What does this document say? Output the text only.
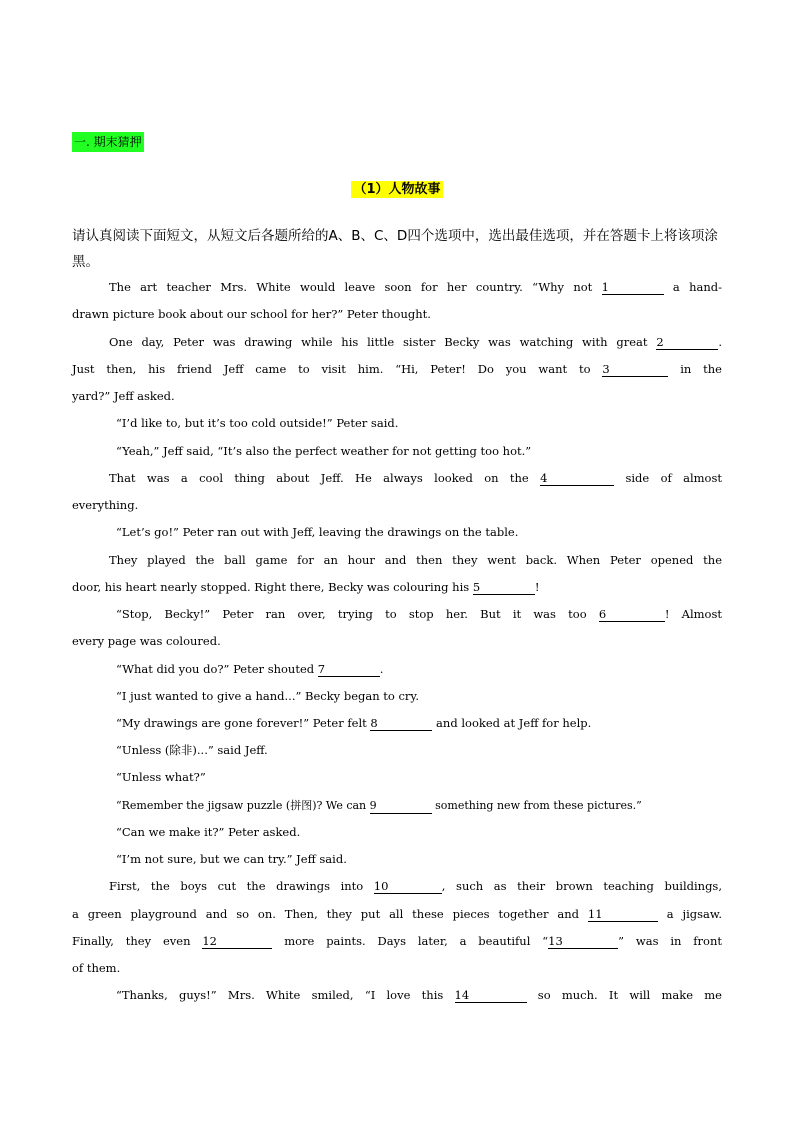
一. 期末猜押
（1）人物故事
请认真阅读下面短文，从短文后各题所给的A、B、C、D四个选项中，选出最佳选项，并在答题卡上将该项涂黑。
The art teacher Mrs. White would leave soon for her country. “Why not 1	a hand-
drawn picture book about our school for her?” Peter thought.
One day, Peter was drawing while his little sister Becky was watching with great 2	.
Just then, his friend Jeff came to visit him. “Hi, Peter! Do you want to 3	in the
yard?” Jeff asked.
“I’d like to, but it’s too cold outside!” Peter said.
“Yeah,” Jeff said, “It’s also the perfect weather for not getting too hot.”
That was a cool thing about Jeff. He always looked on the 4	side of almost
everything.
“Let’s go!” Peter ran out with Jeff, leaving the drawings on the table.
They played the ball game for an hour and then they went back. When Peter opened the
door, his heart nearly stopped. Right there, Becky was colouring his 5	!
“Stop, Becky!” Peter ran over, trying to stop her. But it was too 6	! Almost
every page was coloured.
“What did you do?” Peter shouted 7	.
“I just wanted to give a hand...” Becky began to cry.
“My drawings are gone forever!” Peter felt 8	and looked at Jeff for help.
“Unless (除非)...” said Jeff.
“Unless what?”
“Remember the jigsaw puzzle (拼图)? We can 9	something new from these pictures.”
“Can we make it?” Peter asked.
“I’m not sure, but we can try.” Jeff said.
First, the boys cut the drawings into 10	, such as their brown teaching buildings,
a green playground and so on. Then, they put all these pieces together and 11	a jigsaw.
Finally, they even 12	more paints. Days later, a beautiful “13	” was in front
of them.
“Thanks, guys!” Mrs. White smiled, “I love this 14	so much. It will make me
